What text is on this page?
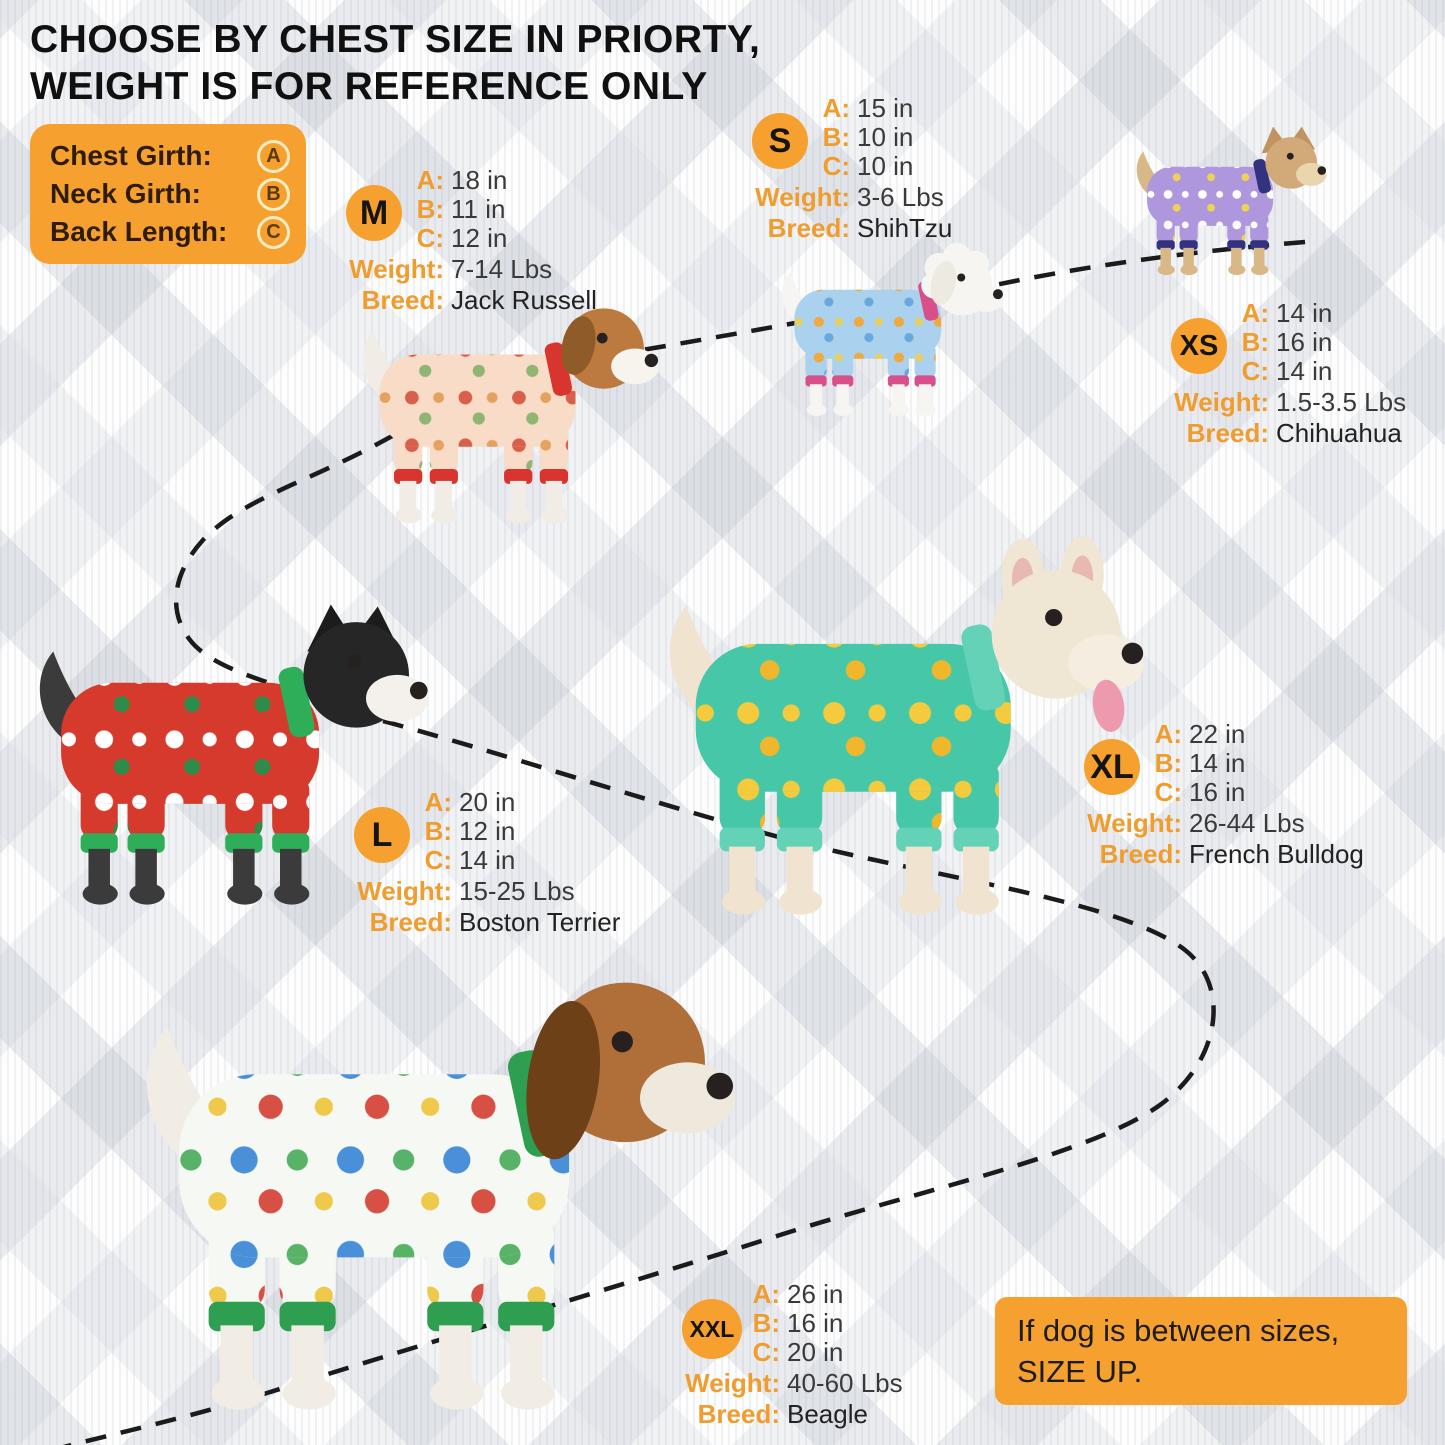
CHOOSE BY CHEST SIZE IN PRIORTY,
WEIGHT IS FOR REFERENCE ONLY
Chest Girth:	A
Neck Girth:	B
Back Length:	C	M
A: 18 in
B: 11 in
C: 12 in
Weight: 7-14 Lbs
Breed: Jack Russell
S
A: 15 in
B: 10 in
C: 10 in
Weight: 3-6 Lbs
Breed: ShihTzu
XS
A: 14 in
B: 16 in
C: 14 in
Weight: 1.5-3.5 Lbs
Breed: Chihuahua
L
A: 20 in
B: 12 in
C: 14 in
Weight: 15-25 Lbs
Breed: Boston Terrier
XL
A: 22 in
B: 14 in
C: 16 in
Weight: 26-44 Lbs
Breed: French Bulldog
XXL
A: 26 in
B: 16 in
C: 20 in
Weight: 40-60 Lbs
Breed: Beagle
If dog is between sizes,
SIZE UP.
